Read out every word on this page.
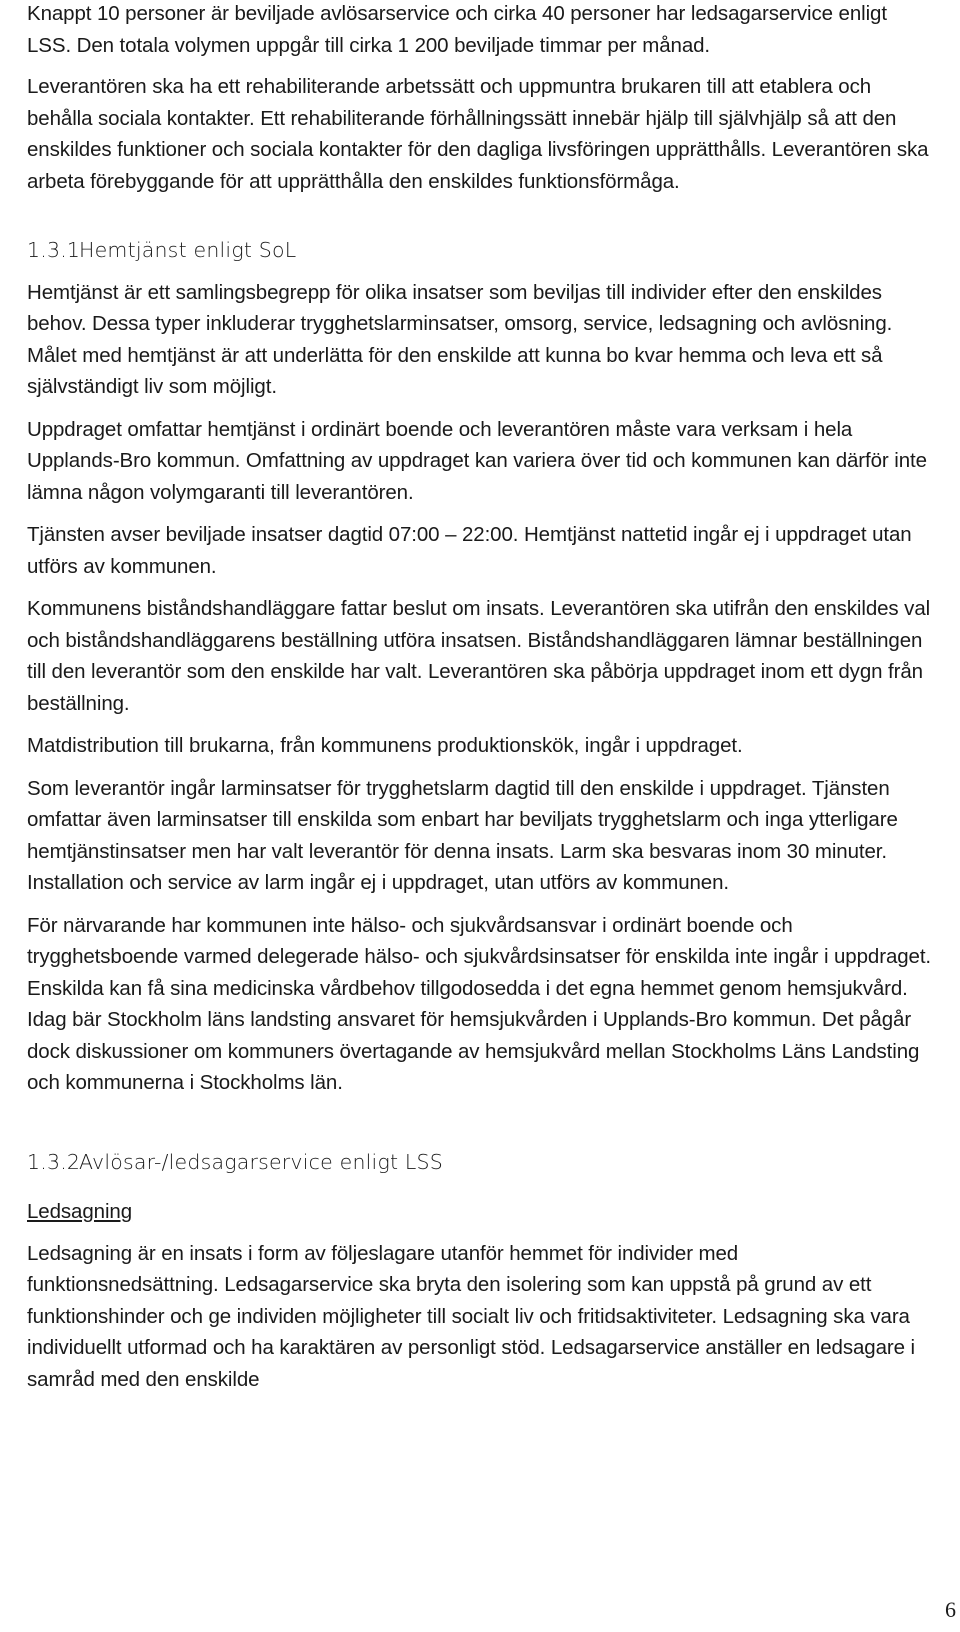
Knappt 10 personer är beviljade avlösarservice och cirka 40 personer har ledsagarservice enligt LSS. Den totala volymen uppgår till cirka 1 200 beviljade timmar per månad.

Leverantören ska ha ett rehabiliterande arbetssätt och uppmuntra brukaren till att etablera och behålla sociala kontakter. Ett rehabiliterande förhållningssätt innebär hjälp till självhjälp så att den enskildes funktioner och sociala kontakter för den dagliga livsföringen upprätthålls. Leverantören ska arbeta förebyggande för att upprätthålla den enskildes funktionsförmåga.

1.3.1
Hemtjänst enligt SoL

Hemtjänst är ett samlingsbegrepp för olika insatser som beviljas till individer efter den enskildes behov. Dessa typer inkluderar trygghetslarminsatser, omsorg, service, ledsagning och avlösning. Målet med hemtjänst är att underlätta för den enskilde att kunna bo kvar hemma och leva ett så självständigt liv som möjligt.

Uppdraget omfattar hemtjänst i ordinärt boende och leverantören måste vara verksam i hela Upplands-Bro kommun. Omfattning av uppdraget kan variera över tid och kommunen kan därför inte lämna någon volymgaranti till leverantören.

Tjänsten avser beviljade insatser dagtid 07:00 – 22:00. Hemtjänst nattetid ingår ej i uppdraget utan utförs av kommunen.

Kommunens biståndshandläggare fattar beslut om insats. Leverantören ska utifrån den enskildes val och biståndshandläggarens beställning utföra insatsen. Biståndshandläggaren lämnar beställningen till den leverantör som den enskilde har valt. Leverantören ska påbörja uppdraget inom ett dygn från beställning.

Matdistribution till brukarna, från kommunens produktionskök, ingår i uppdraget.

Som leverantör ingår larminsatser för trygghetslarm dagtid till den enskilde i uppdraget. Tjänsten omfattar även larminsatser till enskilda som enbart har beviljats trygghetslarm och inga ytterligare hemtjänstinsatser men har valt leverantör för denna insats. Larm ska besvaras inom 30 minuter. Installation och service av larm ingår ej i uppdraget, utan utförs av kommunen.

För närvarande har kommunen inte hälso- och sjukvårdsansvar i ordinärt boende och trygghetsboende varmed delegerade hälso- och sjukvårdsinsatser för enskilda inte ingår i uppdraget. Enskilda kan få sina medicinska vårdbehov tillgodosedda i det egna hemmet genom hemsjukvård. Idag bär Stockholm läns landsting ansvaret för hemsjukvården i Upplands-Bro kommun. Det pågår dock diskussioner om kommuners övertagande av hemsjukvård mellan Stockholms Läns Landsting och kommunerna i Stockholms län.

1.3.2
Avlösar-/ledsagarservice enligt LSS

Ledsagning

Ledsagning är en insats i form av följeslagare utanför hemmet för individer med funktionsnedsättning. Ledsagarservice ska bryta den isolering som kan uppstå på grund av ett funktionshinder och ge individen möjligheter till socialt liv och fritidsaktiviteter. Ledsagning ska vara individuellt utformad och ha karaktären av personligt stöd. Ledsagarservice anställer en ledsagare i samråd med den enskilde

6
